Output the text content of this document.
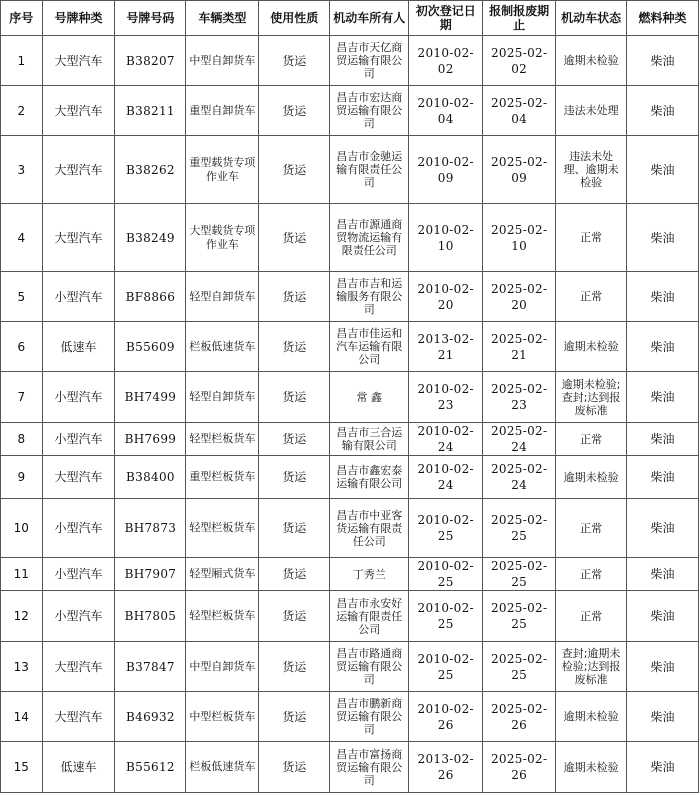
序号	号牌种类	号牌号码	车辆类型	使用性质	机动车所有人	初次登记日期	报制报废期止	机动车状态	燃料种类
1	大型汽车	B38207	中型自卸货车	货运	昌吉市天亿商贸运输有限公司	2010-02-02	2025-02-02	逾期未检验	柴油
2	大型汽车	B38211	重型自卸货车	货运	昌吉市宏达商贸运输有限公司	2010-02-04	2025-02-04	违法未处理	柴油
3	大型汽车	B38262	重型载货专项作业车	货运	昌吉市金驰运输有限责任公司	2010-02-09	2025-02-09	违法未处理、逾期未检验	柴油
4	大型汽车	B38249	大型载货专项作业车	货运	昌吉市源通商贸物流运输有限责任公司	2010-02-10	2025-02-10	正常	柴油
5	小型汽车	BF8866	轻型自卸货车	货运	昌吉市吉和运输服务有限公司	2010-02-20	2025-02-20	正常	柴油
6	低速车	B55609	栏板低速货车	货运	昌吉市佳运和汽车运输有限公司	2013-02-21	2025-02-21	逾期未检验	柴油
7	小型汽车	BH7499	轻型自卸货车	货运	常 鑫	2010-02-23	2025-02-23	逾期未检验;查封;达到报废标准	柴油
8	小型汽车	BH7699	轻型栏板货车	货运	昌吉市三合运输有限公司	2010-02-24	2025-02-24	正常	柴油
9	大型汽车	B38400	重型栏板货车	货运	昌吉市鑫宏泰运输有限公司	2010-02-24	2025-02-24	逾期未检验	柴油
10	小型汽车	BH7873	轻型栏板货车	货运	昌吉市中亚客货运输有限责任公司	2010-02-25	2025-02-25	正常	柴油
11	小型汽车	BH7907	轻型厢式货车	货运	丁秀兰	2010-02-25	2025-02-25	正常	柴油
12	小型汽车	BH7805	轻型栏板货车	货运	昌吉市永安好运输有限责任公司	2010-02-25	2025-02-25	正常	柴油
13	大型汽车	B37847	中型自卸货车	货运	昌吉市路通商贸运输有限公司	2010-02-25	2025-02-25	查封;逾期未检验;达到报废标准	柴油
14	大型汽车	B46932	中型栏板货车	货运	昌吉市鹏新商贸运输有限公司	2010-02-26	2025-02-26	逾期未检验	柴油
15	低速车	B55612	栏板低速货车	货运	昌吉市富扬商贸运输有限公司	2013-02-26	2025-02-26	逾期未检验	柴油
